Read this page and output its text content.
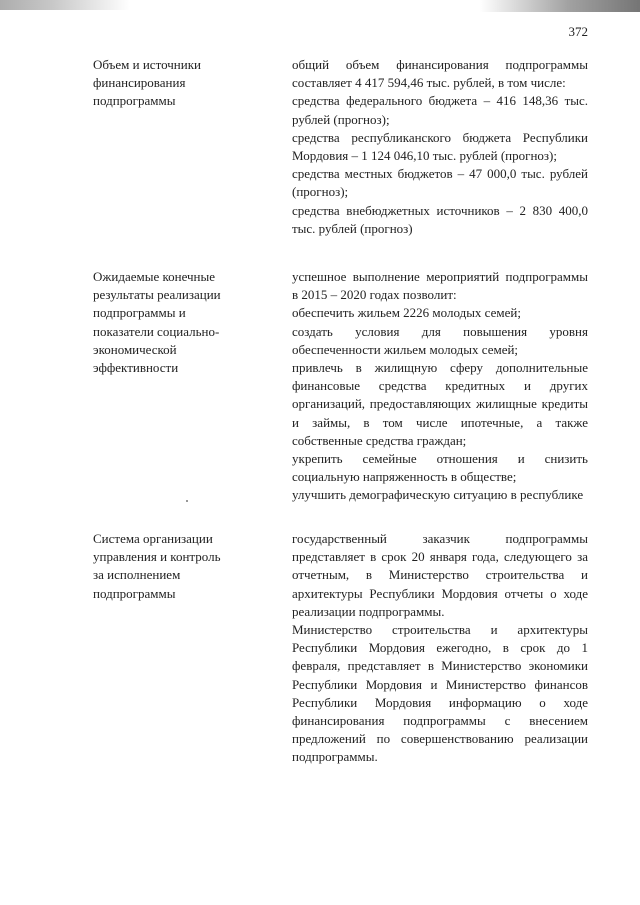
372

Объем и источники

финансирования

подпрограммы

общий объем финансирования подпрограммы составляет 4 417 594,46 тыс. рублей, в том числе:

средства федерального бюджета – 416 148,36 тыс. рублей (прогноз);

средства республиканского бюджета Республики Мордовия – 1 124 046,10 тыс. рублей (прогноз);

средства местных бюджетов – 47 000,0 тыс. рублей (прогноз);

средства внебюджетных источников – 2 830 400,0 тыс. рублей (прогноз)

Ожидаемые конечные

результаты реализации

подпрограммы и

показатели социально-

экономической

эффективности

успешное выполнение мероприятий подпрограммы в 2015 – 2020 годах позволит:

обеспечить жильем 2226 молодых семей;

создать условия для повышения уровня обеспеченности жильем молодых семей;

привлечь в жилищную сферу дополнительные финансовые средства кредитных и других организаций, предоставляющих жилищные кредиты и займы, в том числе ипотечные, а также собственные средства граждан;

укрепить семейные отношения и снизить социальную напряженность в обществе;

улучшить демографическую ситуацию в республике

Система организации

управления и контроль

за исполнением

подпрограммы

государственный заказчик подпрограммы представляет в срок 20 января года, следующего за отчетным, в Министерство строительства и архитектуры Республики Мордовия отчеты о ходе реализации подпрограммы.

Министерство строительства и архитектуры Республики Мордовия ежегодно, в срок до 1 февраля, представляет в Министерство экономики Республики Мордовия и Министерство финансов Республики Мордовия информацию о ходе финансирования подпрограммы с внесением предложений по совершенствованию реализации подпрограммы.
